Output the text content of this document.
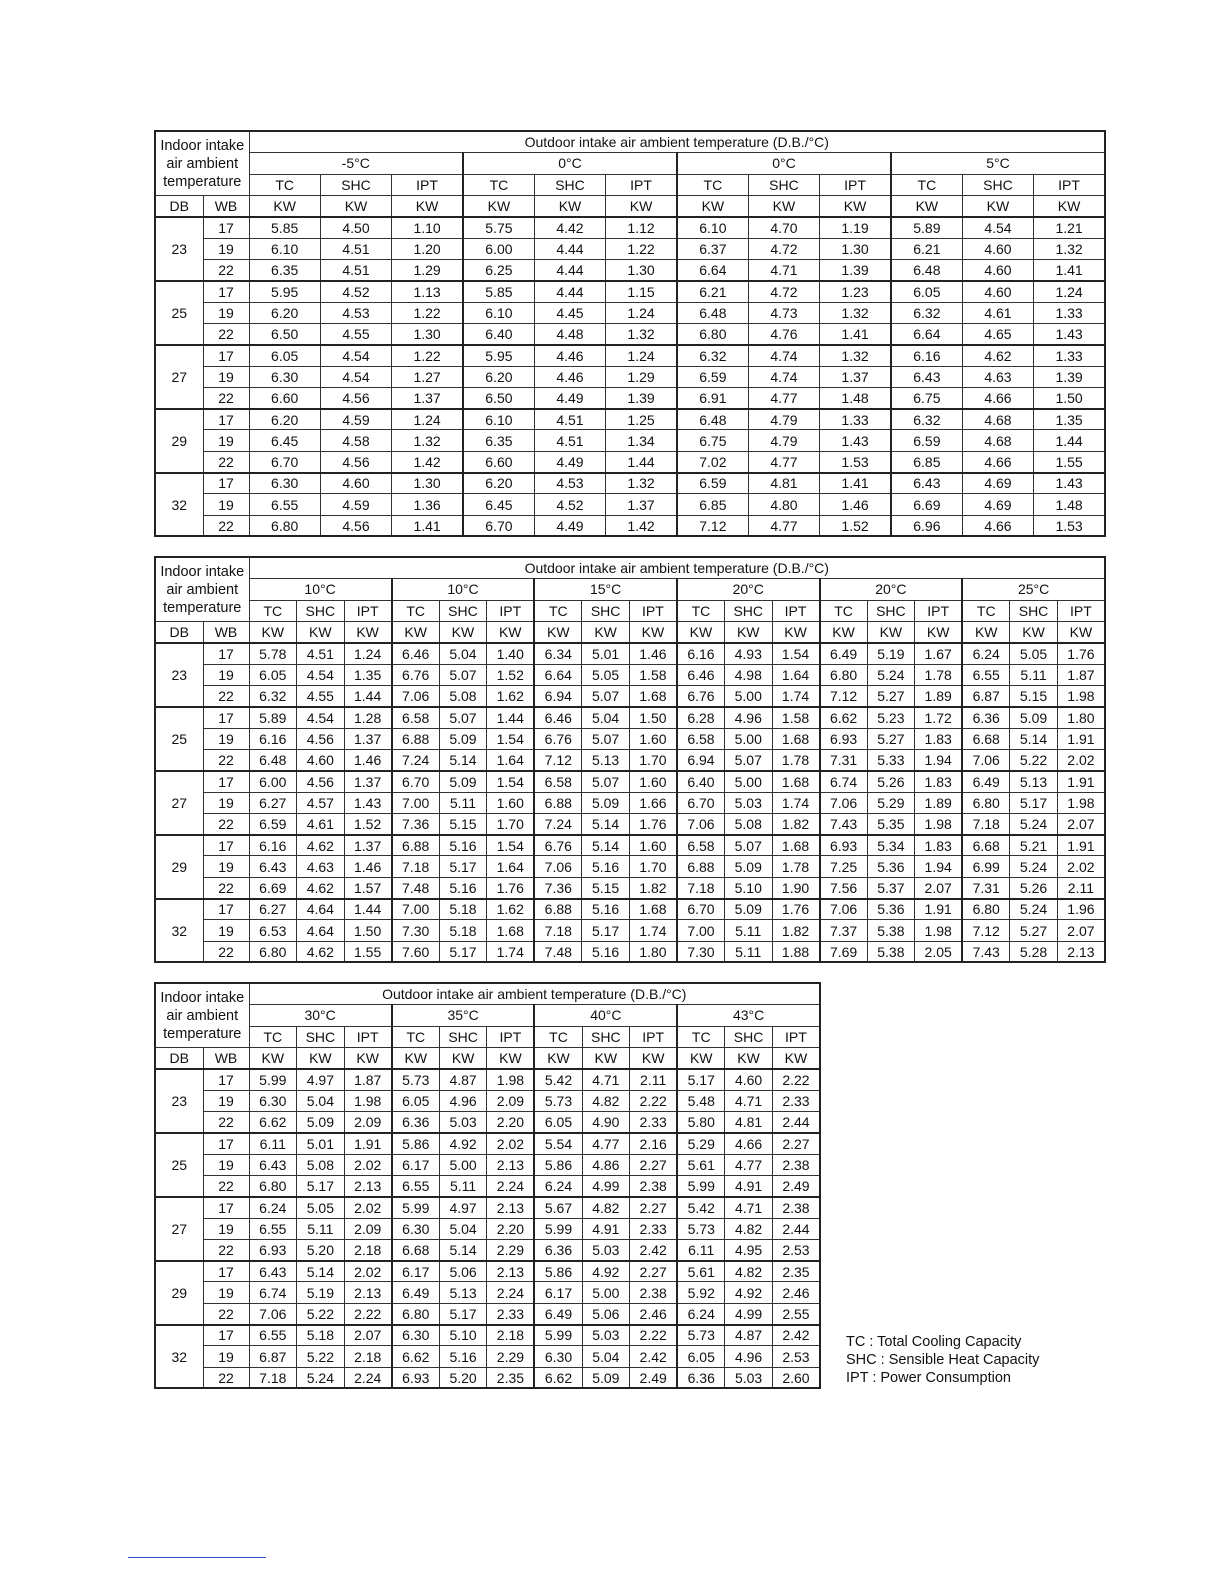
Indoor intake air ambient temperature		Outdoor intake air ambient temperature (D.B./°C)											
		-5°C			0°C			0°C			5°C		
		TC	SHC	IPT	TC	SHC	IPT	TC	SHC	IPT	TC	SHC	IPT
DB	WB	KW	KW	KW	KW	KW	KW	KW	KW	KW	KW	KW	KW
23	17	5.85	4.50	1.10	5.75	4.42	1.12	6.10	4.70	1.19	5.89	4.54	1.21
	19	6.10	4.51	1.20	6.00	4.44	1.22	6.37	4.72	1.30	6.21	4.60	1.32
	22	6.35	4.51	1.29	6.25	4.44	1.30	6.64	4.71	1.39	6.48	4.60	1.41
25	17	5.95	4.52	1.13	5.85	4.44	1.15	6.21	4.72	1.23	6.05	4.60	1.24
	19	6.20	4.53	1.22	6.10	4.45	1.24	6.48	4.73	1.32	6.32	4.61	1.33
	22	6.50	4.55	1.30	6.40	4.48	1.32	6.80	4.76	1.41	6.64	4.65	1.43
27	17	6.05	4.54	1.22	5.95	4.46	1.24	6.32	4.74	1.32	6.16	4.62	1.33
	19	6.30	4.54	1.27	6.20	4.46	1.29	6.59	4.74	1.37	6.43	4.63	1.39
	22	6.60	4.56	1.37	6.50	4.49	1.39	6.91	4.77	1.48	6.75	4.66	1.50
29	17	6.20	4.59	1.24	6.10	4.51	1.25	6.48	4.79	1.33	6.32	4.68	1.35
	19	6.45	4.58	1.32	6.35	4.51	1.34	6.75	4.79	1.43	6.59	4.68	1.44
	22	6.70	4.56	1.42	6.60	4.49	1.44	7.02	4.77	1.53	6.85	4.66	1.55
32	17	6.30	4.60	1.30	6.20	4.53	1.32	6.59	4.81	1.41	6.43	4.69	1.43
	19	6.55	4.59	1.36	6.45	4.52	1.37	6.85	4.80	1.46	6.69	4.69	1.48
	22	6.80	4.56	1.41	6.70	4.49	1.42	7.12	4.77	1.52	6.96	4.66	1.53
Indoor intake air ambient temperature		Outdoor intake air ambient temperature (D.B./°C)																	
		10°C			10°C			15°C			20°C			20°C			25°C		
		TC	SHC	IPT	TC	SHC	IPT	TC	SHC	IPT	TC	SHC	IPT	TC	SHC	IPT	TC	SHC	IPT
DB	WB	KW	KW	KW	KW	KW	KW	KW	KW	KW	KW	KW	KW	KW	KW	KW	KW	KW	KW
23	17	5.78	4.51	1.24	6.46	5.04	1.40	6.34	5.01	1.46	6.16	4.93	1.54	6.49	5.19	1.67	6.24	5.05	1.76
	19	6.05	4.54	1.35	6.76	5.07	1.52	6.64	5.05	1.58	6.46	4.98	1.64	6.80	5.24	1.78	6.55	5.11	1.87
	22	6.32	4.55	1.44	7.06	5.08	1.62	6.94	5.07	1.68	6.76	5.00	1.74	7.12	5.27	1.89	6.87	5.15	1.98
25	17	5.89	4.54	1.28	6.58	5.07	1.44	6.46	5.04	1.50	6.28	4.96	1.58	6.62	5.23	1.72	6.36	5.09	1.80
	19	6.16	4.56	1.37	6.88	5.09	1.54	6.76	5.07	1.60	6.58	5.00	1.68	6.93	5.27	1.83	6.68	5.14	1.91
	22	6.48	4.60	1.46	7.24	5.14	1.64	7.12	5.13	1.70	6.94	5.07	1.78	7.31	5.33	1.94	7.06	5.22	2.02
27	17	6.00	4.56	1.37	6.70	5.09	1.54	6.58	5.07	1.60	6.40	5.00	1.68	6.74	5.26	1.83	6.49	5.13	1.91
	19	6.27	4.57	1.43	7.00	5.11	1.60	6.88	5.09	1.66	6.70	5.03	1.74	7.06	5.29	1.89	6.80	5.17	1.98
	22	6.59	4.61	1.52	7.36	5.15	1.70	7.24	5.14	1.76	7.06	5.08	1.82	7.43	5.35	1.98	7.18	5.24	2.07
29	17	6.16	4.62	1.37	6.88	5.16	1.54	6.76	5.14	1.60	6.58	5.07	1.68	6.93	5.34	1.83	6.68	5.21	1.91
	19	6.43	4.63	1.46	7.18	5.17	1.64	7.06	5.16	1.70	6.88	5.09	1.78	7.25	5.36	1.94	6.99	5.24	2.02
	22	6.69	4.62	1.57	7.48	5.16	1.76	7.36	5.15	1.82	7.18	5.10	1.90	7.56	5.37	2.07	7.31	5.26	2.11
32	17	6.27	4.64	1.44	7.00	5.18	1.62	6.88	5.16	1.68	6.70	5.09	1.76	7.06	5.36	1.91	6.80	5.24	1.96
	19	6.53	4.64	1.50	7.30	5.18	1.68	7.18	5.17	1.74	7.00	5.11	1.82	7.37	5.38	1.98	7.12	5.27	2.07
	22	6.80	4.62	1.55	7.60	5.17	1.74	7.48	5.16	1.80	7.30	5.11	1.88	7.69	5.38	2.05	7.43	5.28	2.13
Indoor intake air ambient temperature		Outdoor intake air ambient temperature (D.B./°C)											
		30°C			35°C			40°C			43°C		
		TC	SHC	IPT	TC	SHC	IPT	TC	SHC	IPT	TC	SHC	IPT
DB	WB	KW	KW	KW	KW	KW	KW	KW	KW	KW	KW	KW	KW
23	17	5.99	4.97	1.87	5.73	4.87	1.98	5.42	4.71	2.11	5.17	4.60	2.22
	19	6.30	5.04	1.98	6.05	4.96	2.09	5.73	4.82	2.22	5.48	4.71	2.33
	22	6.62	5.09	2.09	6.36	5.03	2.20	6.05	4.90	2.33	5.80	4.81	2.44
25	17	6.11	5.01	1.91	5.86	4.92	2.02	5.54	4.77	2.16	5.29	4.66	2.27
	19	6.43	5.08	2.02	6.17	5.00	2.13	5.86	4.86	2.27	5.61	4.77	2.38
	22	6.80	5.17	2.13	6.55	5.11	2.24	6.24	4.99	2.38	5.99	4.91	2.49
27	17	6.24	5.05	2.02	5.99	4.97	2.13	5.67	4.82	2.27	5.42	4.71	2.38
	19	6.55	5.11	2.09	6.30	5.04	2.20	5.99	4.91	2.33	5.73	4.82	2.44
	22	6.93	5.20	2.18	6.68	5.14	2.29	6.36	5.03	2.42	6.11	4.95	2.53
29	17	6.43	5.14	2.02	6.17	5.06	2.13	5.86	4.92	2.27	5.61	4.82	2.35
	19	6.74	5.19	2.13	6.49	5.13	2.24	6.17	5.00	2.38	5.92	4.92	2.46
	22	7.06	5.22	2.22	6.80	5.17	2.33	6.49	5.06	2.46	6.24	4.99	2.55
32	17	6.55	5.18	2.07	6.30	5.10	2.18	5.99	5.03	2.22	5.73	4.87	2.42
	19	6.87	5.22	2.18	6.62	5.16	2.29	6.30	5.04	2.42	6.05	4.96	2.53
	22	7.18	5.24	2.24	6.93	5.20	2.35	6.62	5.09	2.49	6.36	5.03	2.60
TC : Total Cooling Capacity
SHC : Sensible Heat Capacity
IPT : Power Consumption
